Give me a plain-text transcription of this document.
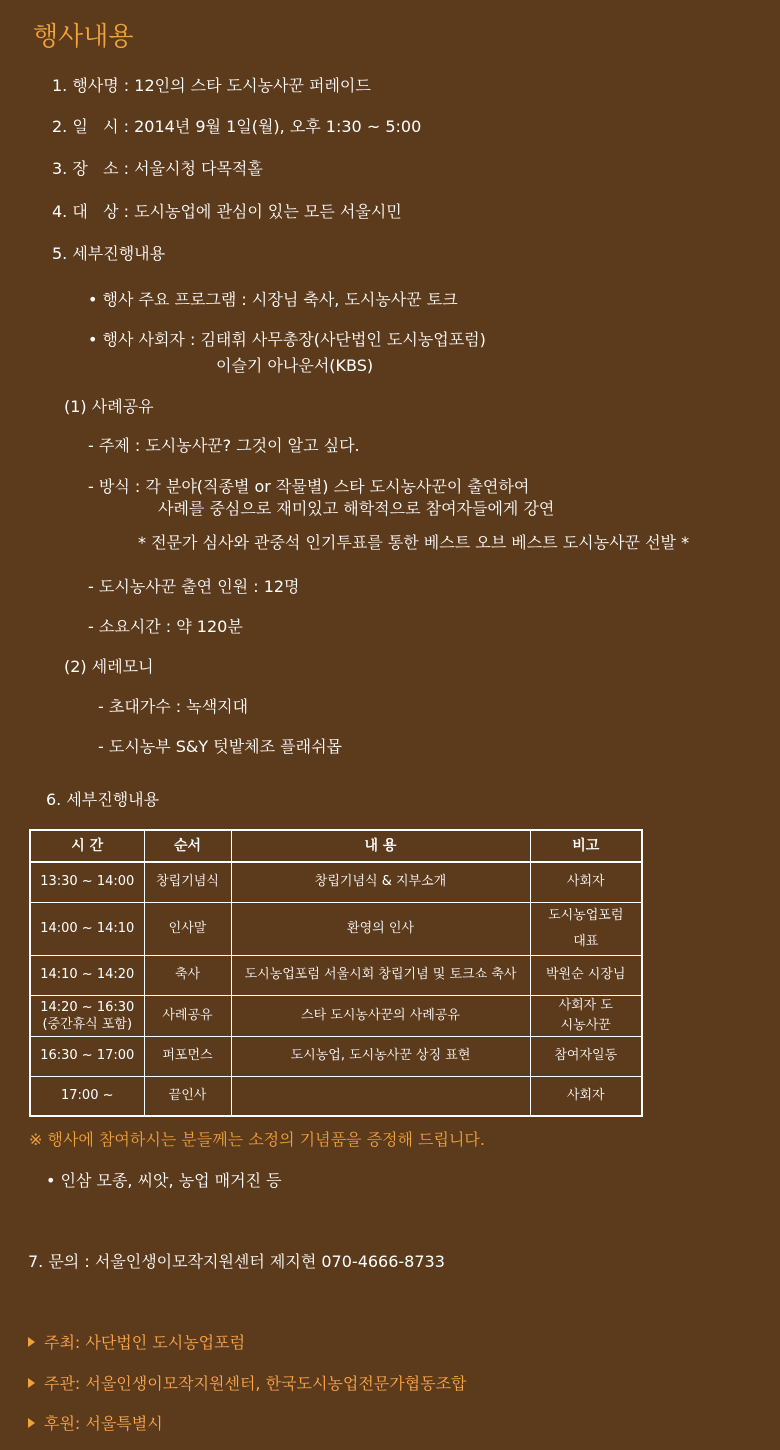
행사내용
1. 행사명 : 12인의 스타 도시농사꾼 퍼레이드
2. 일   시 : 2014년 9월 1일(월), 오후 1:30 ~ 5:00
3. 장   소 : 서울시청 다목적홀
4. 대   상 : 도시농업에 관심이 있는 모든 서울시민
5. 세부진행내용
• 행사 주요 프로그램 : 시장님 축사, 도시농사꾼 토크
• 행사 사회자 : 김태휘 사무총장(사단법인 도시농업포럼)
이슬기 아나운서(KBS)
(1) 사례공유
- 주제 : 도시농사꾼? 그것이 알고 싶다.
- 방식 : 각 분야(직종별 or 작물별) 스타 도시농사꾼이 출연하여
사례를 중심으로 재미있고 해학적으로 참여자들에게 강연
* 전문가 심사와 관중석 인기투표를 통한 베스트 오브 베스트 도시농사꾼 선발 *
- 도시농사꾼 출연 인원 : 12명
- 소요시간 : 약 120분
(2) 세레모니
- 초대가수 : 녹색지대
- 도시농부 S&Y 텃밭체조 플래쉬몹
6. 세부진행내용
시 간	순서	내 용	비고
13:30 ~ 14:00	창립기념식	창립기념식 & 지부소개	사회자
14:00 ~ 14:10	인사말	환영의 인사	도시농업포럼 대표
14:10 ~ 14:20	축사	도시농업포럼 서울시회 창립기념 및 토크쇼 축사	박원순 시장님
14:20 ~ 16:30 (중간휴식 포함)	사례공유	스타 도시농사꾼의 사례공유	사회자 도시농사꾼
16:30 ~ 17:00	퍼포먼스	도시농업, 도시농사꾼 상징 표현	참여자일동
17:00 ~	끝인사		사회자
※ 행사에 참여하시는 분들께는 소정의 기념품을 증정해 드립니다.
• 인삼 모종, 씨앗, 농업 매거진 등
7. 문의 : 서울인생이모작지원센터 제지현 070-4666-8733
주최: 사단법인 도시농업포럼
주관: 서울인생이모작지원센터, 한국도시농업전문가협동조합
후원: 서울특별시
